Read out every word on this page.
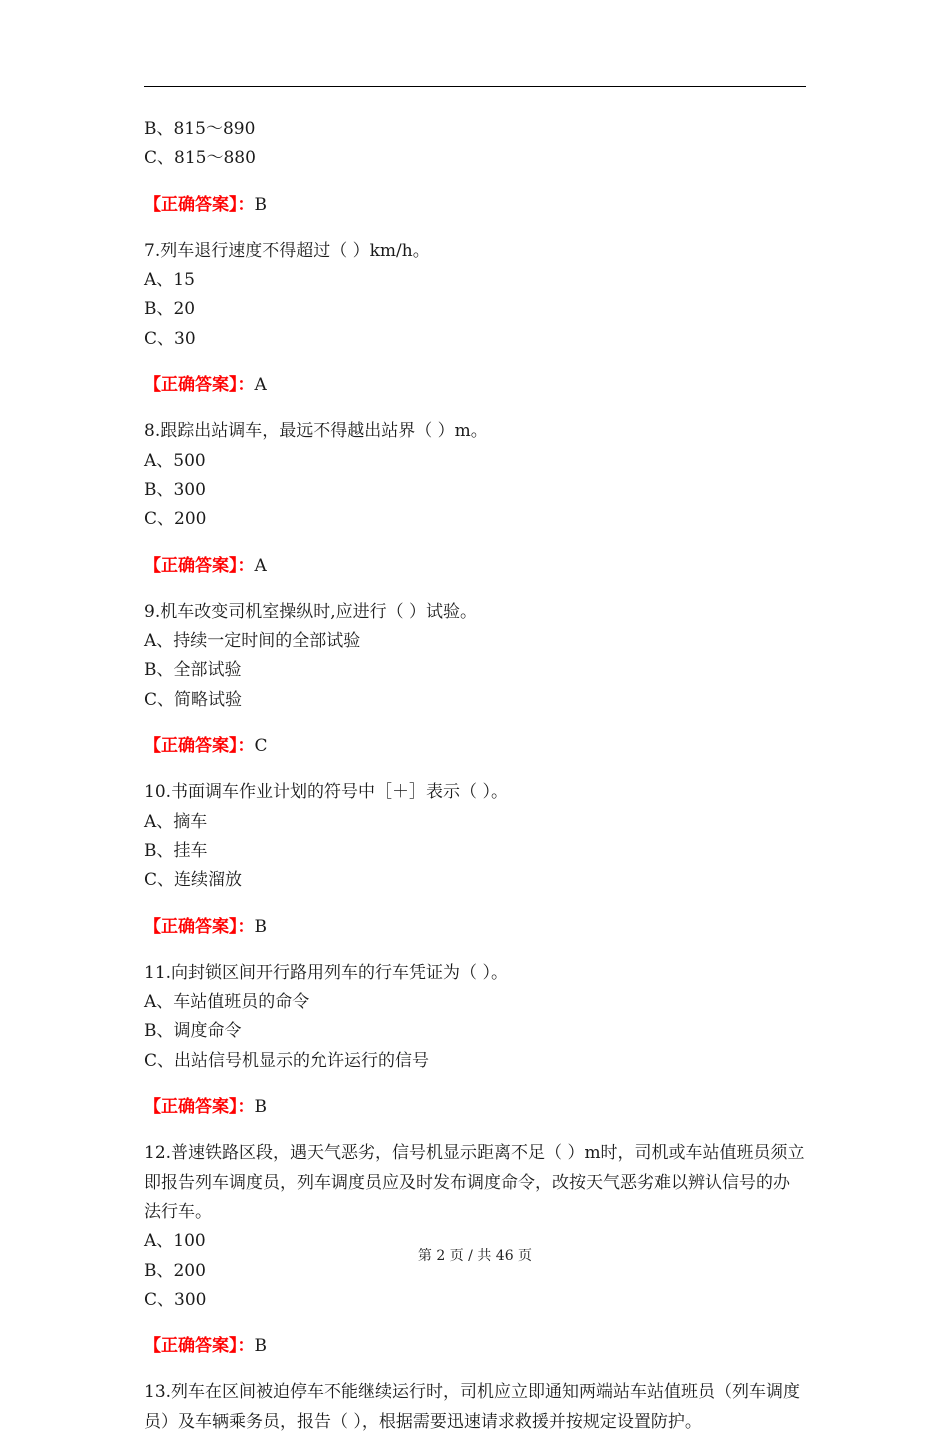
B、815～890

C、815～880

【正确答案】：B

7.列车退行速度不得超过（ ）km/h。

A、15

B、20

C、30

【正确答案】：A

8.跟踪出站调车，最远不得越出站界（ ）m。

A、500

B、300

C、200

【正确答案】：A

9.机车改变司机室操纵时,应进行（ ）试验。

A、持续一定时间的全部试验

B、全部试验

C、简略试验

【正确答案】：C

10.书面调车作业计划的符号中［＋］表示（ ）。

A、摘车

B、挂车

C、连续溜放

【正确答案】：B

11.向封锁区间开行路用列车的行车凭证为（ ）。

A、车站值班员的命令

B、调度命令

C、出站信号机显示的允许运行的信号

【正确答案】：B

12.普速铁路区段，遇天气恶劣，信号机显示距离不足（ ）m时，司机或车站值班员须立即报告列车调度员，列车调度员应及时发布调度命令，改按天气恶劣难以辨认信号的办法行车。

A、100

B、200

C、300

【正确答案】：B

13.列车在区间被迫停车不能继续运行时，司机应立即通知两端站车站值班员（列车调度员）及车辆乘务员，报告（ ），根据需要迅速请求救援并按规定设置防护。

第 2 页 / 共 46 页
